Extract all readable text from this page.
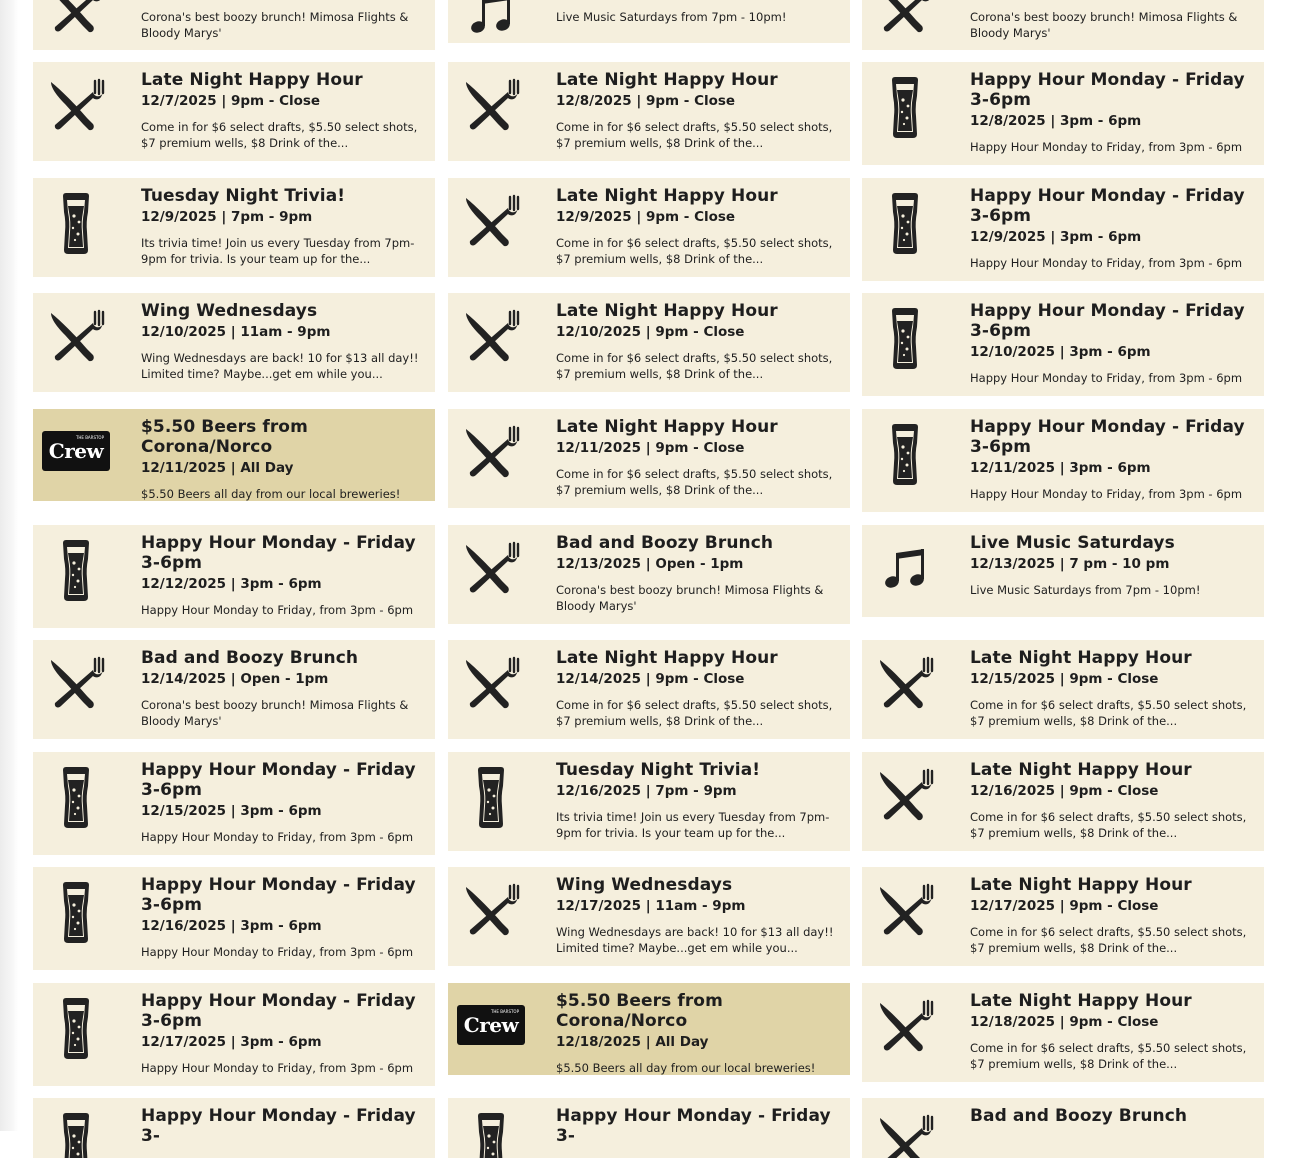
Corona's best boozy brunch! Mimosa Flights & Bloody Marys'
Late Night Happy Hour
12/7/2025 | 9pm - Close
Come in for $6 select drafts, $5.50 select shots, $7 premium wells, $8 Drink of the...
Tuesday Night Trivia!
12/9/2025 | 7pm - 9pm
Its trivia time! Join us every Tuesday from 7pm-9pm for trivia. Is your team up for the...
Wing Wednesdays
12/10/2025 | 11am - 9pm
Wing Wednesdays are back! 10 for $13 all day!! Limited time? Maybe...get em while you...
THE BARSTOP
Crew
$5.50 Beers from Corona/Norco
12/11/2025 | All Day
$5.50 Beers all day from our local breweries!
Happy Hour Monday - Friday 3-6pm
12/12/2025 | 3pm - 6pm
Happy Hour Monday to Friday, from 3pm - 6pm
Bad and Boozy Brunch
12/14/2025 | Open - 1pm
Corona's best boozy brunch! Mimosa Flights & Bloody Marys'
Happy Hour Monday - Friday 3-6pm
12/15/2025 | 3pm - 6pm
Happy Hour Monday to Friday, from 3pm - 6pm
Happy Hour Monday - Friday 3-6pm
12/16/2025 | 3pm - 6pm
Happy Hour Monday to Friday, from 3pm - 6pm
Happy Hour Monday - Friday 3-6pm
12/17/2025 | 3pm - 6pm
Happy Hour Monday to Friday, from 3pm - 6pm
Happy Hour Monday - Friday 3-
Live Music Saturdays from 7pm - 10pm!
Late Night Happy Hour
12/8/2025 | 9pm - Close
Come in for $6 select drafts, $5.50 select shots, $7 premium wells, $8 Drink of the...
Late Night Happy Hour
12/9/2025 | 9pm - Close
Come in for $6 select drafts, $5.50 select shots, $7 premium wells, $8 Drink of the...
Late Night Happy Hour
12/10/2025 | 9pm - Close
Come in for $6 select drafts, $5.50 select shots, $7 premium wells, $8 Drink of the...
Late Night Happy Hour
12/11/2025 | 9pm - Close
Come in for $6 select drafts, $5.50 select shots, $7 premium wells, $8 Drink of the...
Bad and Boozy Brunch
12/13/2025 | Open - 1pm
Corona's best boozy brunch! Mimosa Flights & Bloody Marys'
Late Night Happy Hour
12/14/2025 | 9pm - Close
Come in for $6 select drafts, $5.50 select shots, $7 premium wells, $8 Drink of the...
Tuesday Night Trivia!
12/16/2025 | 7pm - 9pm
Its trivia time! Join us every Tuesday from 7pm-9pm for trivia. Is your team up for the...
Wing Wednesdays
12/17/2025 | 11am - 9pm
Wing Wednesdays are back! 10 for $13 all day!! Limited time? Maybe...get em while you...
THE BARSTOP
Crew
$5.50 Beers from Corona/Norco
12/18/2025 | All Day
$5.50 Beers all day from our local breweries!
Happy Hour Monday - Friday 3-
Corona's best boozy brunch! Mimosa Flights & Bloody Marys'
Happy Hour Monday - Friday 3-6pm
12/8/2025 | 3pm - 6pm
Happy Hour Monday to Friday, from 3pm - 6pm
Happy Hour Monday - Friday 3-6pm
12/9/2025 | 3pm - 6pm
Happy Hour Monday to Friday, from 3pm - 6pm
Happy Hour Monday - Friday 3-6pm
12/10/2025 | 3pm - 6pm
Happy Hour Monday to Friday, from 3pm - 6pm
Happy Hour Monday - Friday 3-6pm
12/11/2025 | 3pm - 6pm
Happy Hour Monday to Friday, from 3pm - 6pm
Live Music Saturdays
12/13/2025 | 7 pm - 10 pm
Live Music Saturdays from 7pm - 10pm!
Late Night Happy Hour
12/15/2025 | 9pm - Close
Come in for $6 select drafts, $5.50 select shots, $7 premium wells, $8 Drink of the...
Late Night Happy Hour
12/16/2025 | 9pm - Close
Come in for $6 select drafts, $5.50 select shots, $7 premium wells, $8 Drink of the...
Late Night Happy Hour
12/17/2025 | 9pm - Close
Come in for $6 select drafts, $5.50 select shots, $7 premium wells, $8 Drink of the...
Late Night Happy Hour
12/18/2025 | 9pm - Close
Come in for $6 select drafts, $5.50 select shots, $7 premium wells, $8 Drink of the...
Bad and Boozy Brunch
